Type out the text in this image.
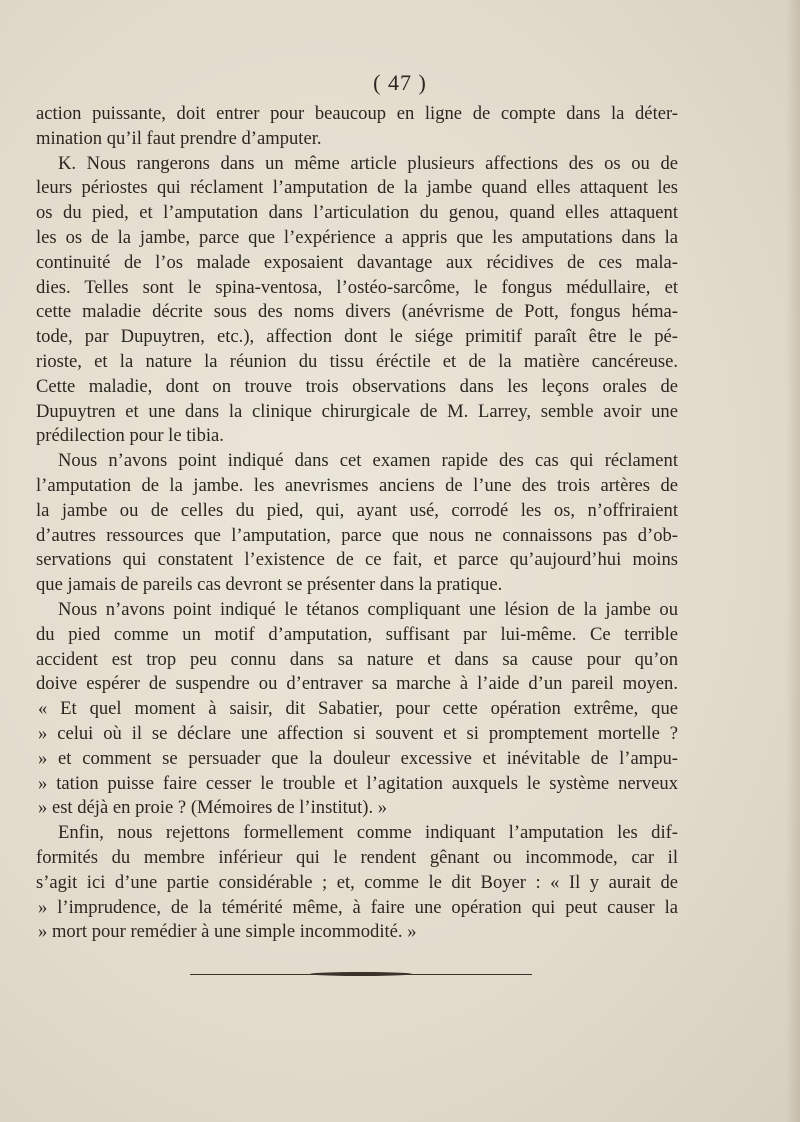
( 47 )
action puissante, doit entrer pour beaucoup en ligne de compte dans la déter-
mination qu’il faut prendre d’amputer.
K. Nous rangerons dans un même article plusieurs affections des os ou de
leurs périostes qui réclament l’amputation de la jambe quand elles attaquent les
os du pied, et l’amputation dans l’articulation du genou, quand elles attaquent
les os de la jambe, parce que l’expérience a appris que les amputations dans la
continuité de l’os malade exposaient davantage aux récidives de ces mala-
dies. Telles sont le spina-ventosa, l’ostéo-sarcôme, le fongus médullaire, et
cette maladie décrite sous des noms divers (anévrisme de Pott, fongus héma-
tode, par Dupuytren, etc.), affection dont le siége primitif paraît être le pé-
rioste, et la nature la réunion du tissu éréctile et de la matière cancéreuse.
Cette maladie, dont on trouve trois observations dans les leçons orales de
Dupuytren et une dans la clinique chirurgicale de M. Larrey, semble avoir une
prédilection pour le tibia.
Nous n’avons point indiqué dans cet examen rapide des cas qui réclament
l’amputation de la jambe. les anevrismes anciens de l’une des trois artères de
la jambe ou de celles du pied, qui, ayant usé, corrodé les os, n’offriraient
d’autres ressources que l’amputation, parce que nous ne connaissons pas d’ob-
servations qui constatent l’existence de ce fait, et parce qu’aujourd’hui moins
que jamais de pareils cas devront se présenter dans la pratique.
Nous n’avons point indiqué le tétanos compliquant une lésion de la jambe ou
du pied comme un motif d’amputation, suffisant par lui-même. Ce terrible
accident est trop peu connu dans sa nature et dans sa cause pour qu’on
doive espérer de suspendre ou d’entraver sa marche à l’aide d’un pareil moyen.
« Et quel moment à saisir, dit Sabatier, pour cette opération extrême, que
» celui où il se déclare une affection si souvent et si promptement mortelle ?
» et comment se persuader que la douleur excessive et inévitable de l’ampu-
» tation puisse faire cesser le trouble et l’agitation auxquels le système nerveux
» est déjà en proie ? (Mémoires de l’institut). »
Enfin, nous rejettons formellement comme indiquant l’amputation les dif-
formités du membre inférieur qui le rendent gênant ou incommode, car il
s’agit ici d’une partie considérable ; et, comme le dit Boyer : « Il y aurait de
» l’imprudence, de la témérité même, à faire une opération qui peut causer la
» mort pour remédier à une simple incommodité. »
